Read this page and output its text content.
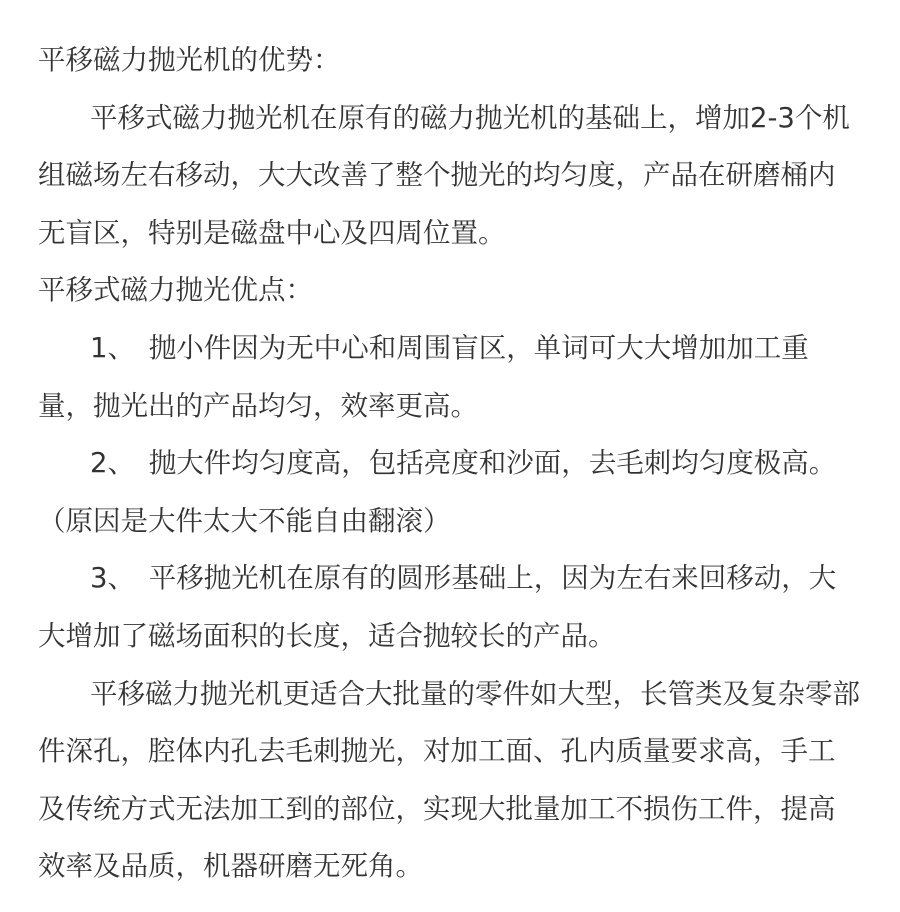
平移磁力抛光机的优势：

平移式磁力抛光机在原有的磁力抛光机的基础上，增加2-3个机组磁场左右移动，大大改善了整个抛光的均匀度，产品在研磨桶内无盲区，特别是磁盘中心及四周位置。

平移式磁力抛光优点：

1、　抛小件因为无中心和周围盲区，单词可大大增加加工重量，抛光出的产品均匀，效率更高。

2、　抛大件均匀度高，包括亮度和沙面，去毛刺均匀度极高。（原因是大件太大不能自由翻滚）

3、　平移抛光机在原有的圆形基础上，因为左右来回移动，大大增加了磁场面积的长度，适合抛较长的产品。

平移磁力抛光机更适合大批量的零件如大型，长管类及复杂零部件深孔，腔体内孔去毛刺抛光，对加工面、孔内质量要求高，手工及传统方式无法加工到的部位，实现大批量加工不损伤工件，提高效率及品质，机器研磨无死角。
